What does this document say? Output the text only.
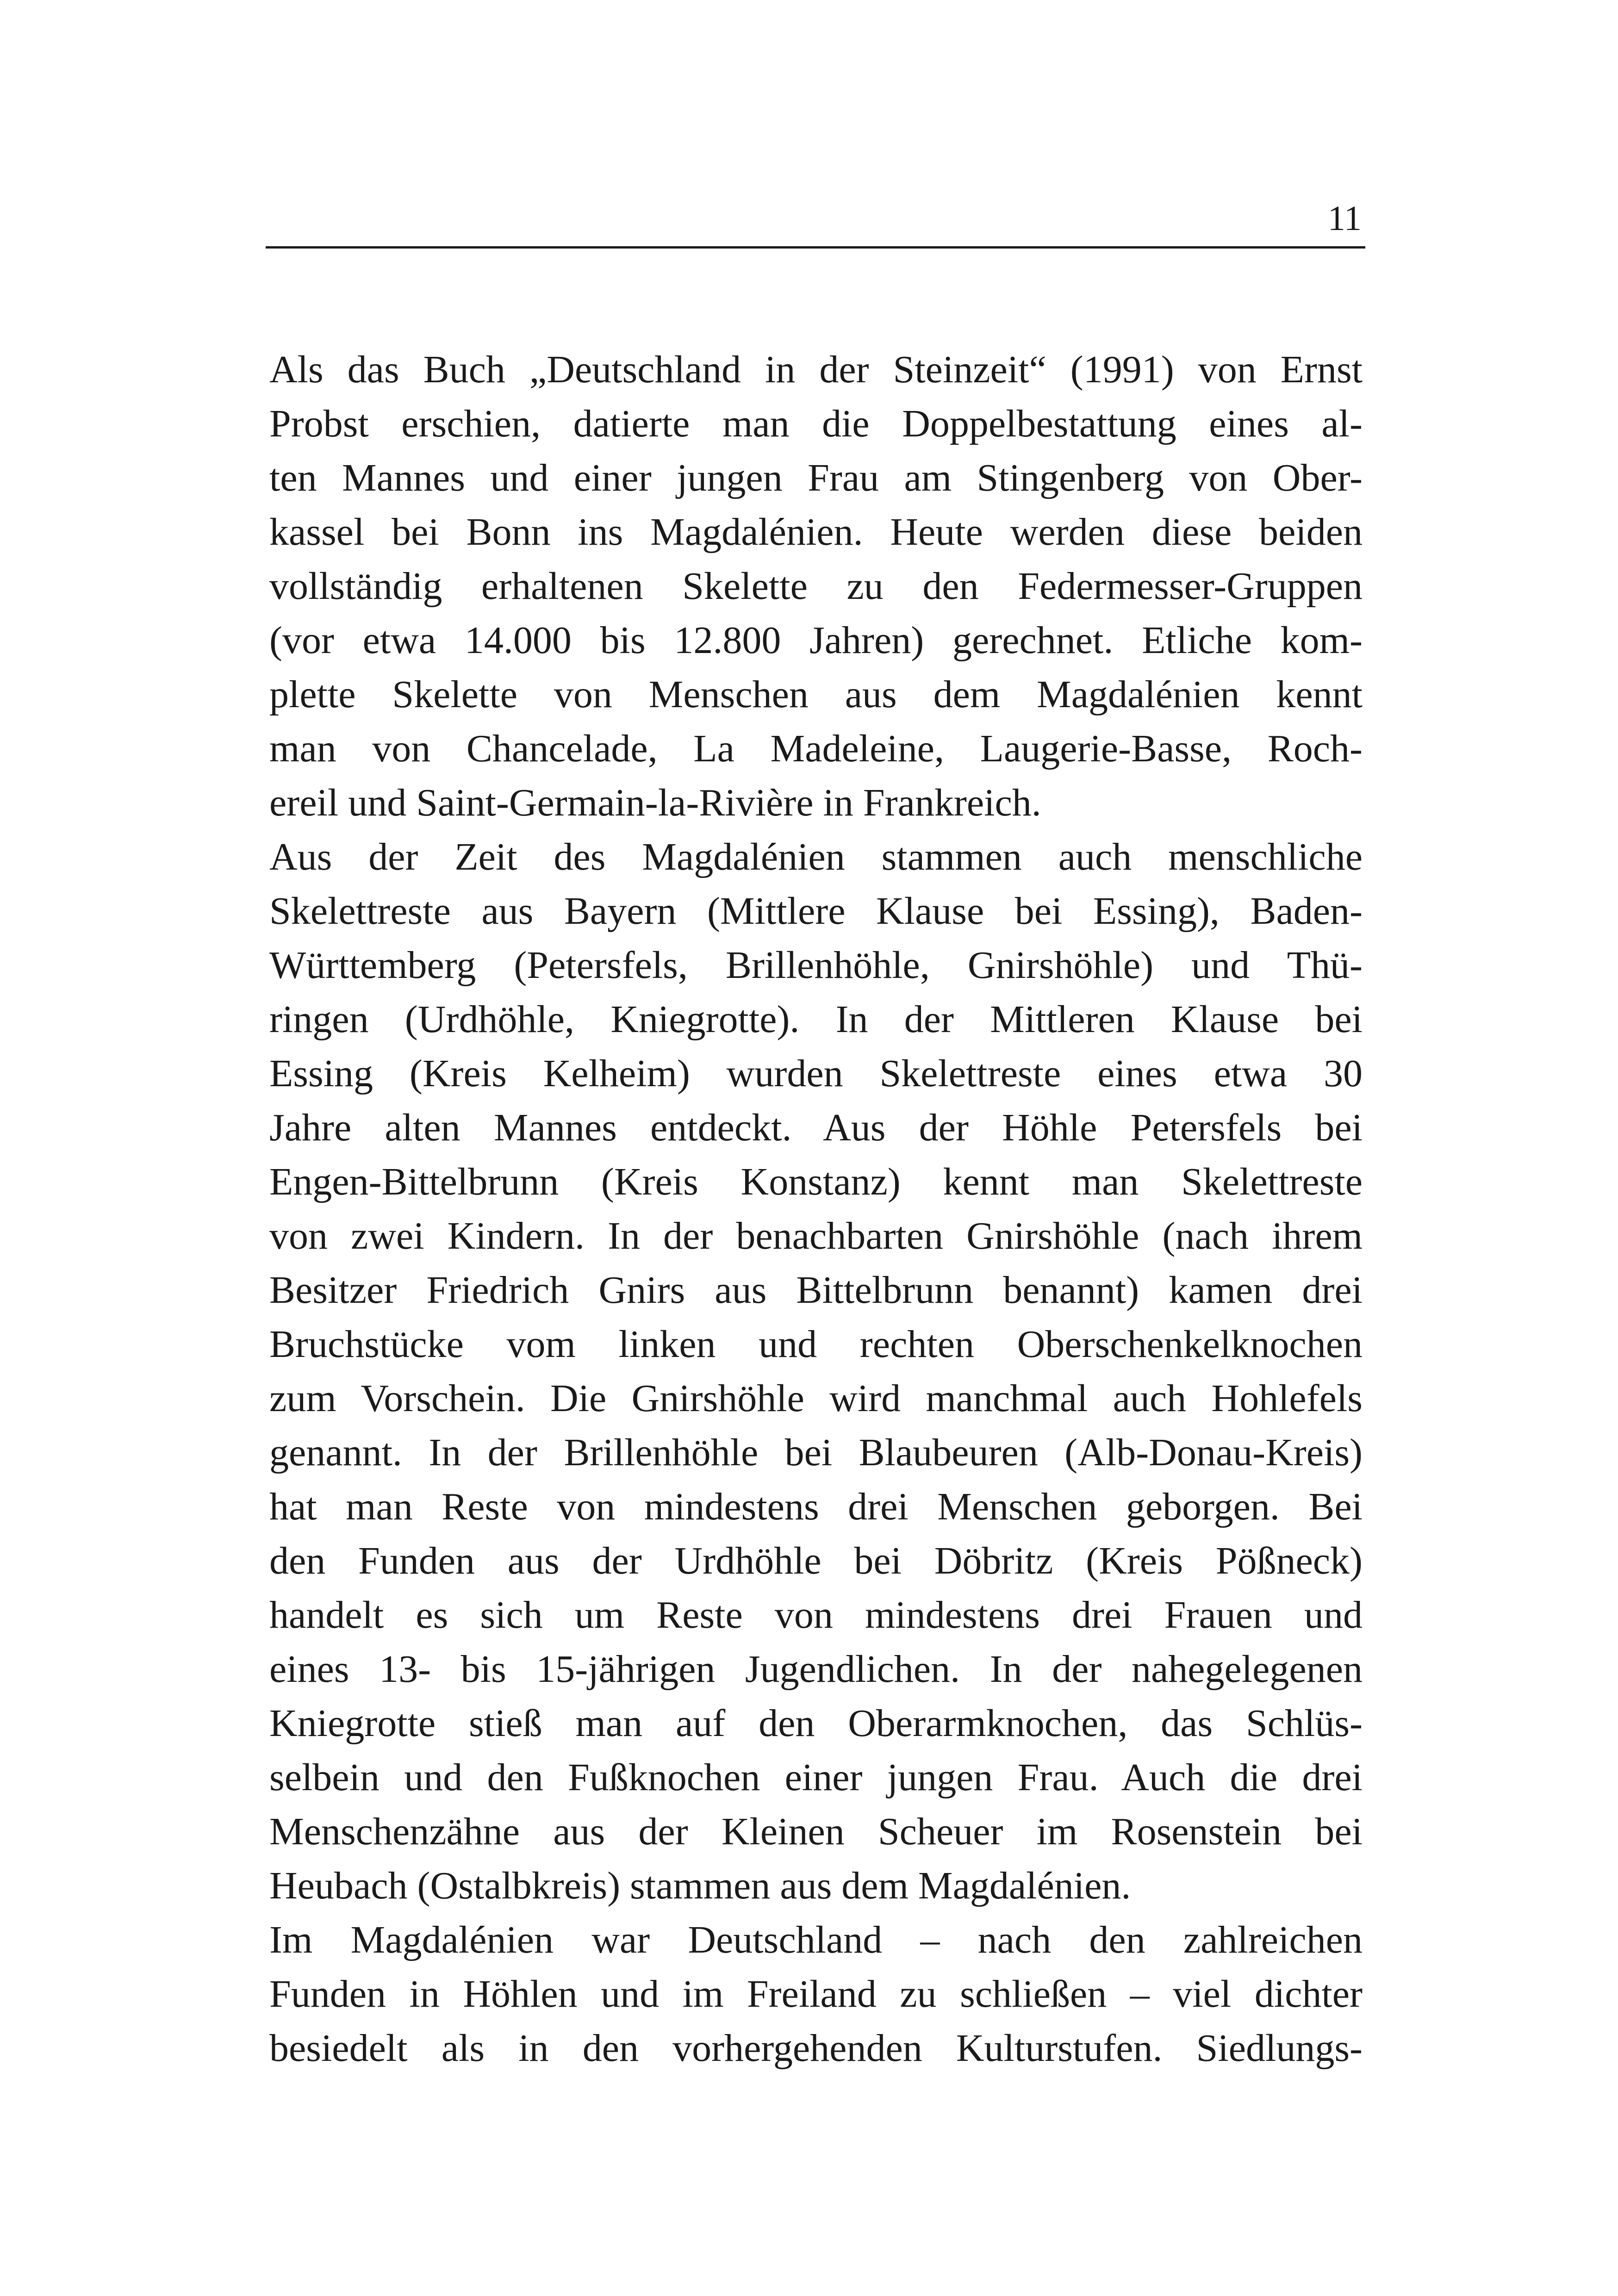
11
Als das Buch „Deutschland in der Steinzeit“ (1991) von Ernst
Probst erschien, datierte man die Doppelbestattung eines al-
ten Mannes und einer jungen Frau am Stingenberg von Ober-
kassel bei Bonn ins Magdalénien. Heute werden diese beiden
vollständig erhaltenen Skelette zu den Federmesser-Gruppen
(vor etwa 14.000 bis 12.800 Jahren) gerechnet. Etliche kom-
plette Skelette von Menschen aus dem Magdalénien kennt
man von Chancelade, La Madeleine, Laugerie-Basse, Roch-
ereil und Saint-Germain-la-Rivière in Frankreich.
Aus der Zeit des Magdalénien stammen auch menschliche
Skelettreste aus Bayern (Mittlere Klause bei Essing), Baden-
Württemberg (Petersfels, Brillenhöhle, Gnirshöhle) und Thü-
ringen (Urdhöhle, Kniegrotte). In der Mittleren Klause bei
Essing (Kreis Kelheim) wurden Skelettreste eines etwa 30
Jahre alten Mannes entdeckt. Aus der Höhle Petersfels bei
Engen-Bittelbrunn (Kreis Konstanz) kennt man Skelettreste
von zwei Kindern. In der benachbarten Gnirshöhle (nach ihrem
Besitzer Friedrich Gnirs aus Bittelbrunn benannt) kamen drei
Bruchstücke vom linken und rechten Oberschenkelknochen
zum Vorschein. Die Gnirshöhle wird manchmal auch Hohlefels
genannt. In der Brillenhöhle bei Blaubeuren (Alb-Donau-Kreis)
hat man Reste von mindestens drei Menschen geborgen. Bei
den Funden aus der Urdhöhle bei Döbritz (Kreis Pößneck)
handelt es sich um Reste von mindestens drei Frauen und
eines 13- bis 15-jährigen Jugendlichen. In der nahegelegenen
Kniegrotte stieß man auf den Oberarmknochen, das Schlüs-
selbein und den Fußknochen einer jungen Frau. Auch die drei
Menschenzähne aus der Kleinen Scheuer im Rosenstein bei
Heubach (Ostalbkreis) stammen aus dem Magdalénien.
Im Magdalénien war Deutschland – nach den zahlreichen
Funden in Höhlen und im Freiland zu schließen – viel dichter
besiedelt als in den vorhergehenden Kulturstufen. Siedlungs-
